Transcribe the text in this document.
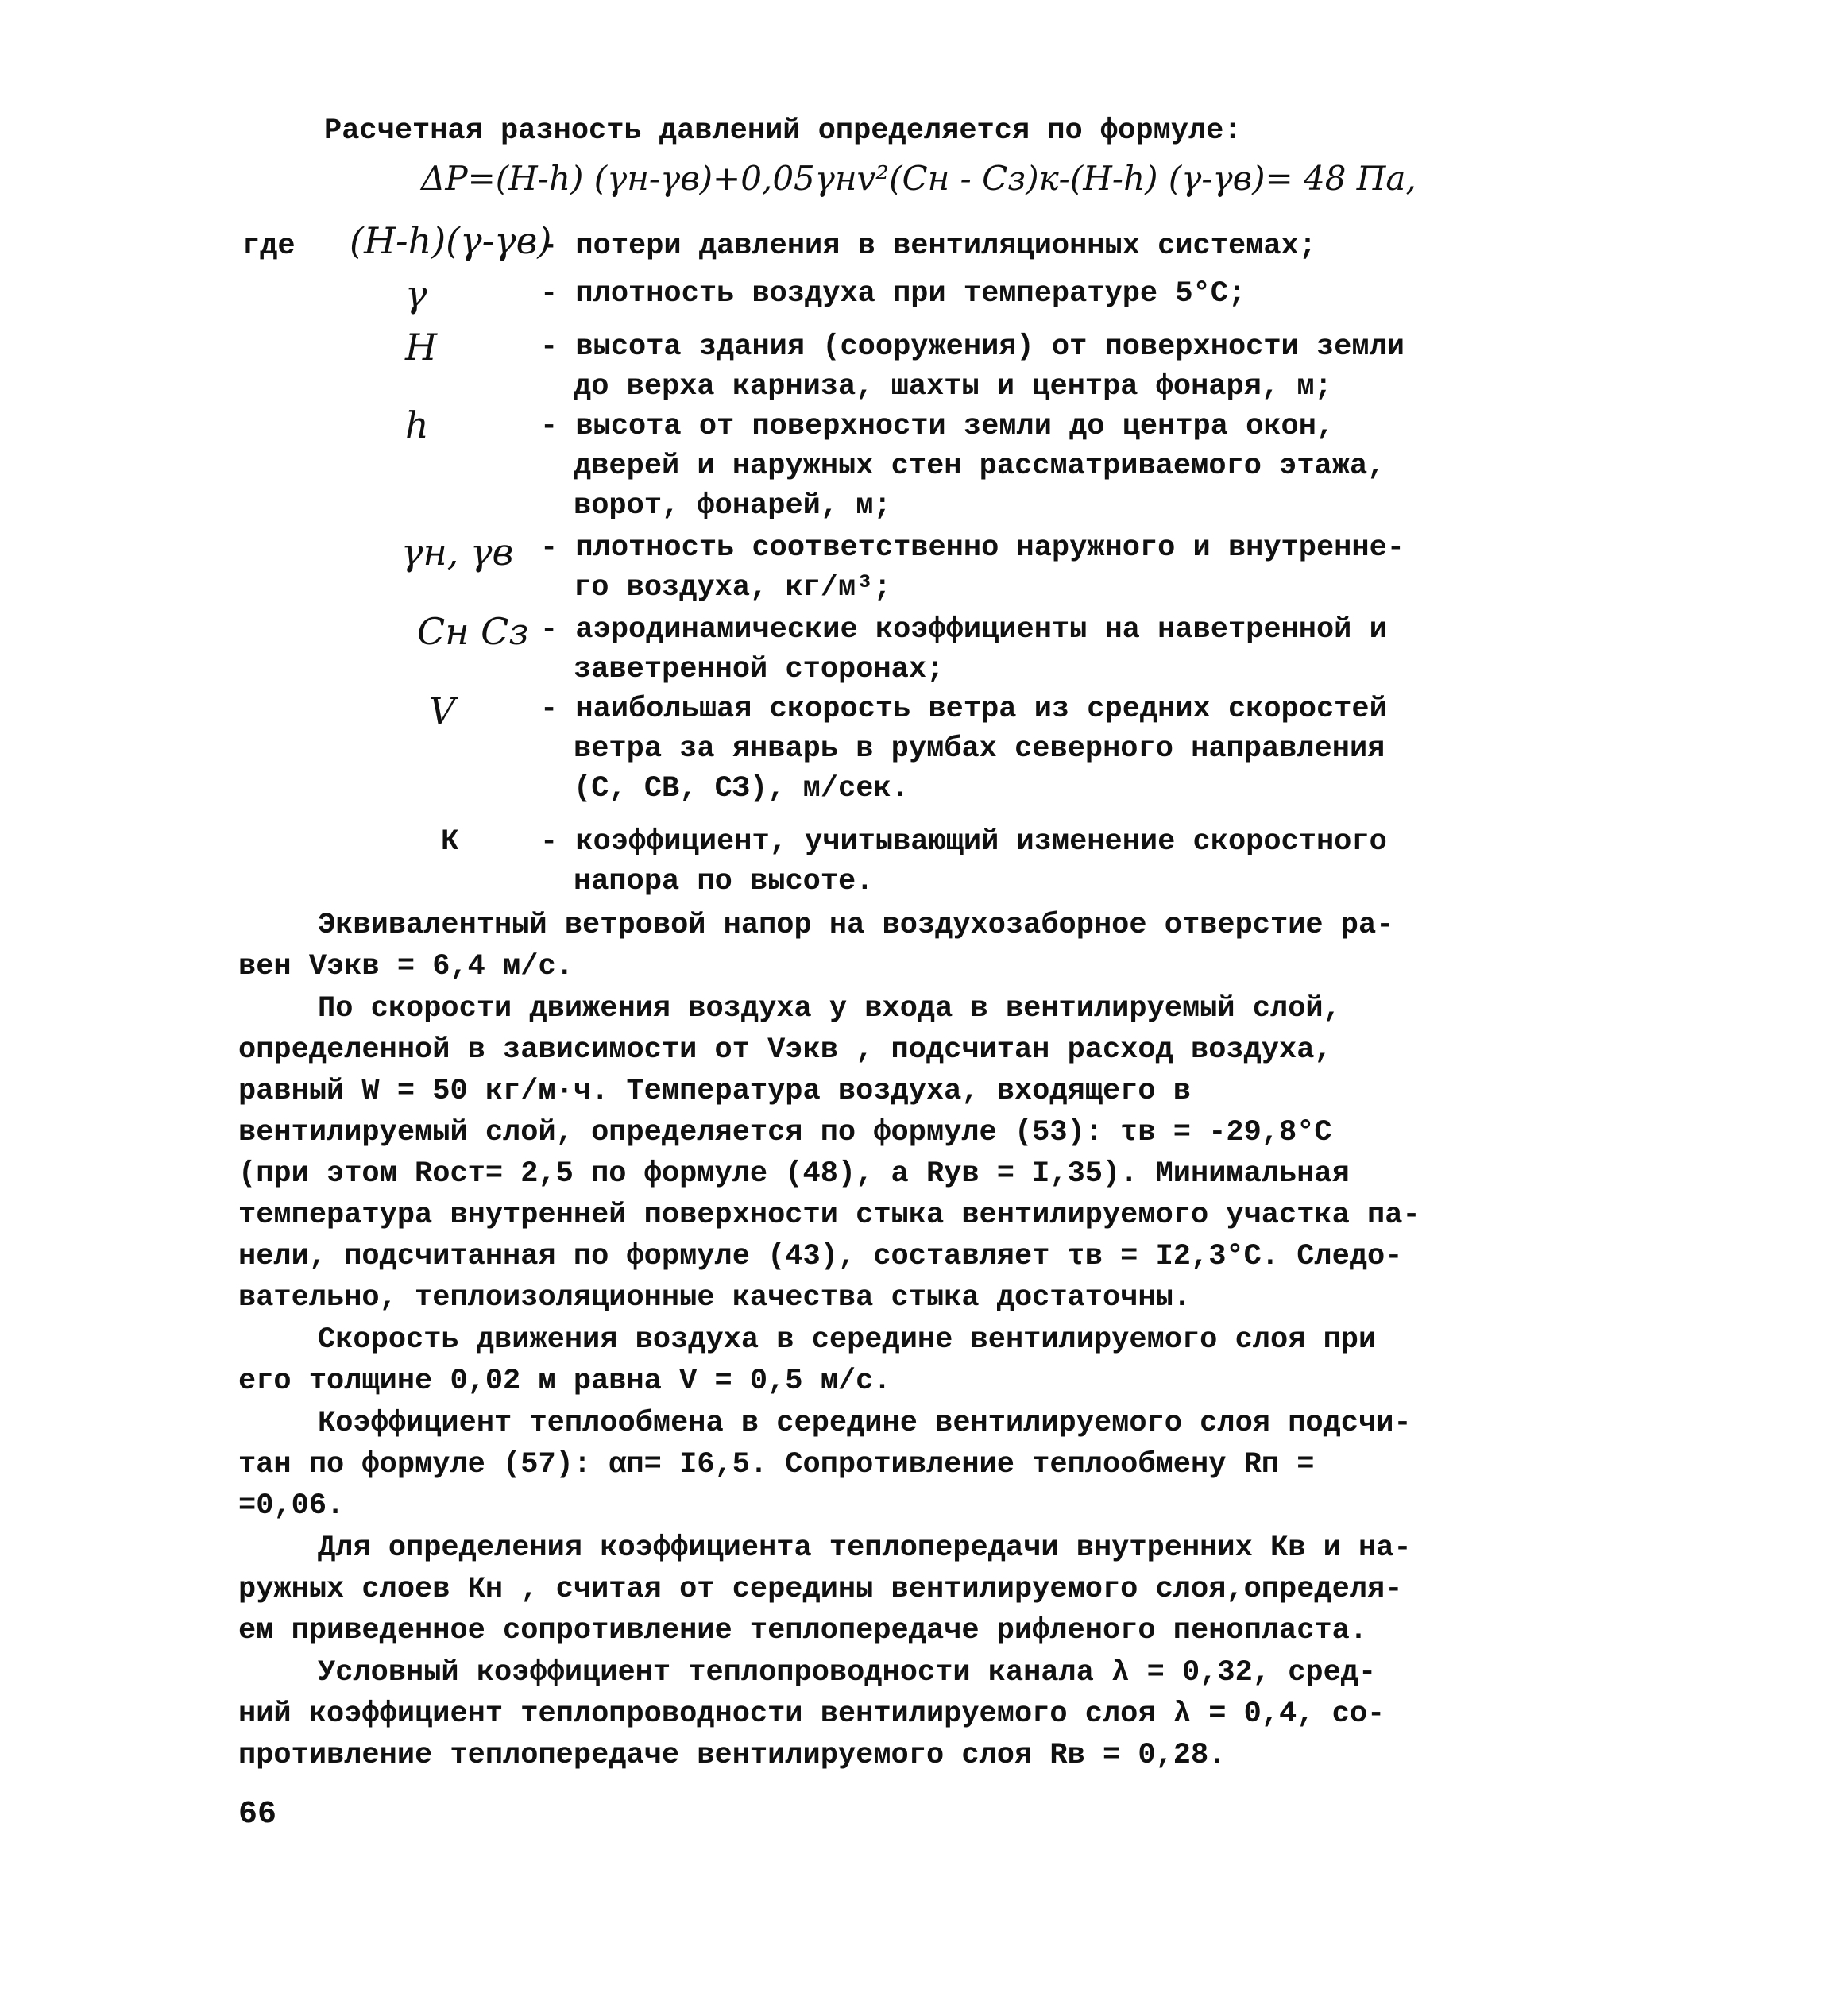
Расчетная разность давлений определяется по формуле:
ΔP=(H-h) (γн-γв)+0,05γнv²(Cн - Cз)к-(H-h) (γ-γв)= 48 Па,
где (H-h)(γ-γв)
- потери давления в вентиляционных системах;
γ	- плотность воздуха при температуре 5°С;
H	- высота здания (сооружения) от поверхности земли
до верха карниза, шахты и центра фонаря, м;
h	- высота от поверхности земли до центра окон,
дверей и наружных стен рассматриваемого этажа,
ворот, фонарей, м;
γн, γв - плотность соответственно наружного и внутренне-
го воздуха, кг/м³;
Cн Cз - аэродинамические коэффициенты на наветренной и
заветренной сторонах;
V	- наибольшая скорость ветра из средних скоростей
ветра за январь в румбах северного направления
(С, СВ, СЗ), м/сек.
К	- коэффициент, учитывающий изменение скоростного
напора по высоте.
Эквивалентный ветровой напор на воздухозаборное отверстие ра-
вен Vэкв = 6,4 м/с.
По скорости движения воздуха у входа в вентилируемый слой,
определенной в зависимости от Vэкв , подсчитан расход воздуха,
равный W = 50 кг/м·ч. Температура воздуха, входящего в
вентилируемый слой, определяется по формуле (53): τв = -29,8°С
(при этом Rост= 2,5 по формуле (48), а Rув = I,35). Минимальная
температура внутренней поверхности стыка вентилируемого участка па-
нели, подсчитанная по формуле (43), составляет τв = I2,3°С. Следо-
вательно, теплоизоляционные качества стыка достаточны.
Скорость движения воздуха в середине вентилируемого слоя при
его толщине 0,02 м равна V = 0,5 м/с.
Коэффициент теплообмена в середине вентилируемого слоя подсчи-
тан по формуле (57): αп= I6,5. Сопротивление теплообмену Rп =
=0,06.
Для определения коэффициента теплопередачи внутренних Кв и на-
ружных слоев Кн , считая от середины вентилируемого слоя,определя-
ем приведенное сопротивление теплопередаче рифленого пенопласта.
Условный коэффициент теплопроводности канала λ = 0,32, сред-
ний коэффициент теплопроводности вентилируемого слоя λ = 0,4, со-
противление теплопередаче вентилируемого слоя Rв = 0,28.
66
